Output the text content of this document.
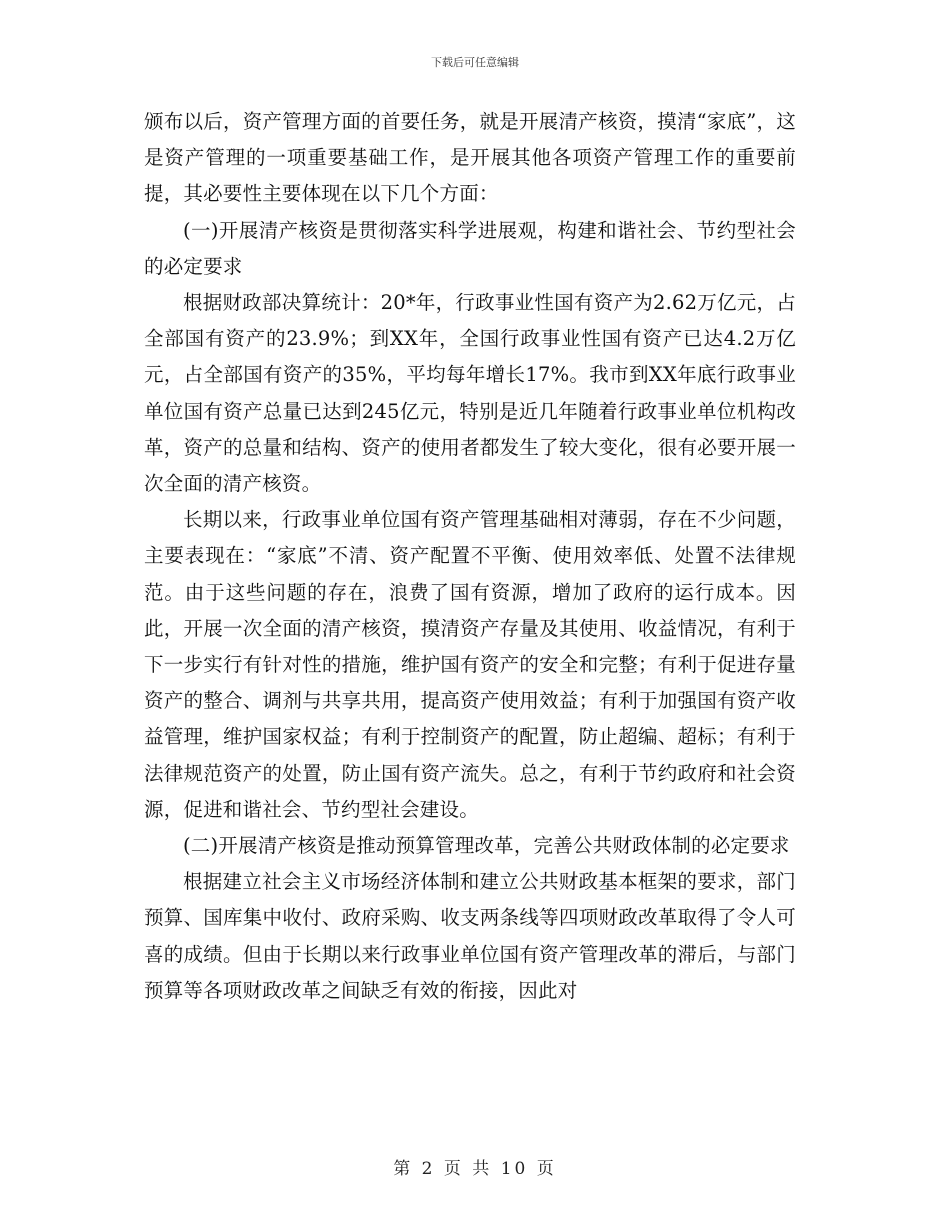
下载后可任意编辑

颁布以后，资产管理方面的首要任务，就是开展清产核资，摸清“家底”，这是资产管理的一项重要基础工作，是开展其他各项资产管理工作的重要前提，其必要性主要体现在以下几个方面：

(一)开展清产核资是贯彻落实科学进展观，构建和谐社会、节约型社会的必定要求

根据财政部决算统计：20*年，行政事业性国有资产为2.62万亿元，占全部国有资产的23.9%；到XX年，全国行政事业性国有资产已达4.2万亿元，占全部国有资产的35%，平均每年增长17%。我市到XX年底行政事业单位国有资产总量已达到245亿元，特别是近几年随着行政事业单位机构改革，资产的总量和结构、资产的使用者都发生了较大变化，很有必要开展一次全面的清产核资。

长期以来，行政事业单位国有资产管理基础相对薄弱，存在不少问题，主要表现在：“家底”不清、资产配置不平衡、使用效率低、处置不法律规范。由于这些问题的存在，浪费了国有资源，增加了政府的运行成本。因此，开展一次全面的清产核资，摸清资产存量及其使用、收益情况，有利于下一步实行有针对性的措施，维护国有资产的安全和完整；有利于促进存量资产的整合、调剂与共享共用，提高资产使用效益；有利于加强国有资产收益管理，维护国家权益；有利于控制资产的配置，防止超编、超标；有利于法律规范资产的处置，防止国有资产流失。总之，有利于节约政府和社会资源，促进和谐社会、节约型社会建设。

(二)开展清产核资是推动预算管理改革，完善公共财政体制的必定要求

根据建立社会主义市场经济体制和建立公共财政基本框架的要求，部门预算、国库集中收付、政府采购、收支两条线等四项财政改革取得了令人可喜的成绩。但由于长期以来行政事业单位国有资产管理改革的滞后，与部门预算等各项财政改革之间缺乏有效的衔接，因此对

第 2 页 共 10 页
